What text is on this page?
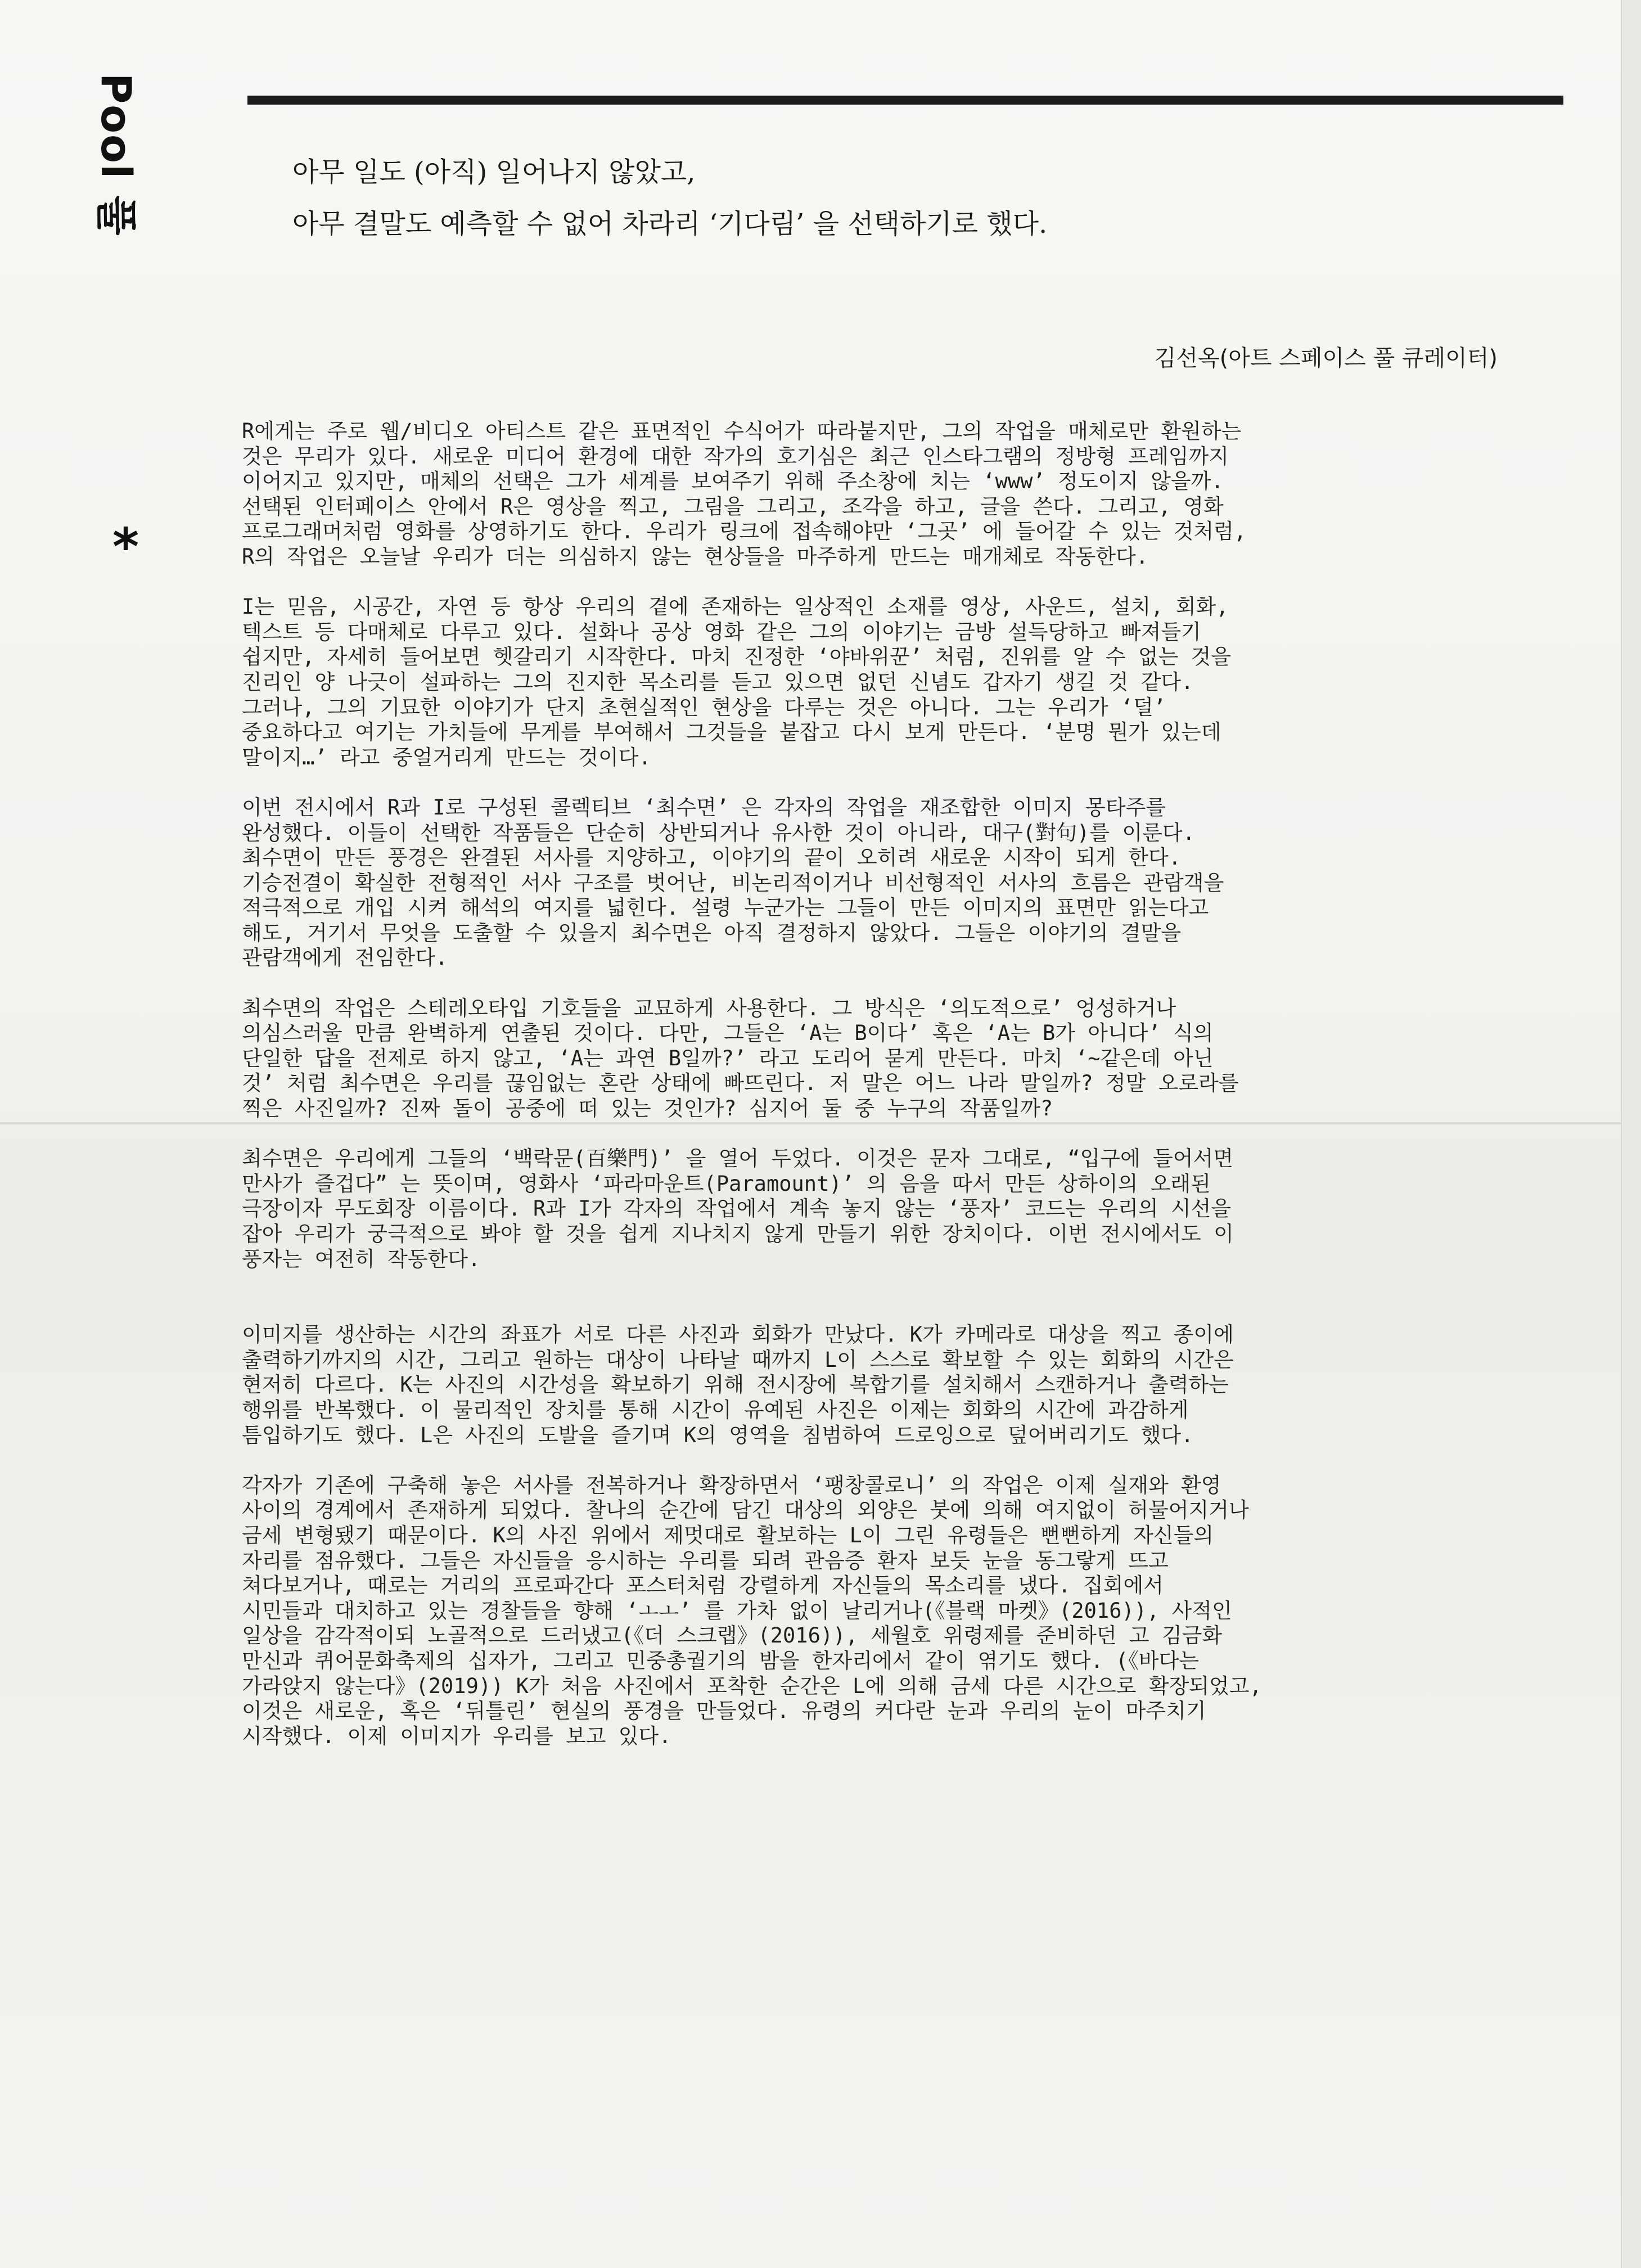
Pool 풀	아무 일도 (아직) 일어나지 않았고,
아무 결말도 예측할 수 없어 차라리 ‘기다림’ 을 선택하기로 했다.
김선옥(아트 스페이스 풀 큐레이터)
*
R에게는 주로 웹/비디오 아티스트 같은 표면적인 수식어가 따라붙지만, 그의 작업을 매체로만 환원하는
것은 무리가 있다. 새로운 미디어 환경에 대한 작가의 호기심은 최근 인스타그램의 정방형 프레임까지
이어지고 있지만, 매체의 선택은 그가 세계를 보여주기 위해 주소창에 치는 ‘www’ 정도이지 않을까.
선택된 인터페이스 안에서 R은 영상을 찍고, 그림을 그리고, 조각을 하고, 글을 쓴다. 그리고, 영화
프로그래머처럼 영화를 상영하기도 한다. 우리가 링크에 접속해야만 ‘그곳’ 에 들어갈 수 있는 것처럼,
R의 작업은 오늘날 우리가 더는 의심하지 않는 현상들을 마주하게 만드는 매개체로 작동한다.
I는 믿음, 시공간, 자연 등 항상 우리의 곁에 존재하는 일상적인 소재를 영상, 사운드, 설치, 회화,
텍스트 등 다매체로 다루고 있다. 설화나 공상 영화 같은 그의 이야기는 금방 설득당하고 빠져들기
쉽지만, 자세히 들어보면 헷갈리기 시작한다. 마치 진정한 ‘야바위꾼’ 처럼, 진위를 알 수 없는 것을
진리인 양 나긋이 설파하는 그의 진지한 목소리를 듣고 있으면 없던 신념도 갑자기 생길 것 같다.
그러나, 그의 기묘한 이야기가 단지 초현실적인 현상을 다루는 것은 아니다. 그는 우리가 ‘덜’
중요하다고 여기는 가치들에 무게를 부여해서 그것들을 붙잡고 다시 보게 만든다. ‘분명 뭔가 있는데
말이지…’ 라고 중얼거리게 만드는 것이다.
이번 전시에서 R과 I로 구성된 콜렉티브 ‘최수면’ 은 각자의 작업을 재조합한 이미지 몽타주를
완성했다. 이들이 선택한 작품들은 단순히 상반되거나 유사한 것이 아니라, 대구(對句)를 이룬다.
최수면이 만든 풍경은 완결된 서사를 지양하고, 이야기의 끝이 오히려 새로운 시작이 되게 한다.
기승전결이 확실한 전형적인 서사 구조를 벗어난, 비논리적이거나 비선형적인 서사의 흐름은 관람객을
적극적으로 개입 시켜 해석의 여지를 넓힌다. 설령 누군가는 그들이 만든 이미지의 표면만 읽는다고
해도, 거기서 무엇을 도출할 수 있을지 최수면은 아직 결정하지 않았다. 그들은 이야기의 결말을
관람객에게 전임한다.
최수면의 작업은 스테레오타입 기호들을 교묘하게 사용한다. 그 방식은 ‘의도적으로’ 엉성하거나
의심스러울 만큼 완벽하게 연출된 것이다. 다만, 그들은 ‘A는 B이다’ 혹은 ‘A는 B가 아니다’ 식의
단일한 답을 전제로 하지 않고, ‘A는 과연 B일까?’ 라고 도리어 묻게 만든다. 마치 ‘~같은데 아닌
것’ 처럼 최수면은 우리를 끊임없는 혼란 상태에 빠뜨린다. 저 말은 어느 나라 말일까? 정말 오로라를
찍은 사진일까? 진짜 돌이 공중에 떠 있는 것인가? 심지어 둘 중 누구의 작품일까?
최수면은 우리에게 그들의 ‘백락문(百樂門)’ 을 열어 두었다. 이것은 문자 그대로, “입구에 들어서면
만사가 즐겁다” 는 뜻이며, 영화사 ‘파라마운트(Paramount)’ 의 음을 따서 만든 상하이의 오래된
극장이자 무도회장 이름이다. R과 I가 각자의 작업에서 계속 놓지 않는 ‘풍자’ 코드는 우리의 시선을
잡아 우리가 궁극적으로 봐야 할 것을 쉽게 지나치지 않게 만들기 위한 장치이다. 이번 전시에서도 이
풍자는 여전히 작동한다.
이미지를 생산하는 시간의 좌표가 서로 다른 사진과 회화가 만났다. K가 카메라로 대상을 찍고 종이에
출력하기까지의 시간, 그리고 원하는 대상이 나타날 때까지 L이 스스로 확보할 수 있는 회화의 시간은
현저히 다르다. K는 사진의 시간성을 확보하기 위해 전시장에 복합기를 설치해서 스캔하거나 출력하는
행위를 반복했다. 이 물리적인 장치를 통해 시간이 유예된 사진은 이제는 회화의 시간에 과감하게
틈입하기도 했다. L은 사진의 도발을 즐기며 K의 영역을 침범하여 드로잉으로 덮어버리기도 했다.
각자가 기존에 구축해 놓은 서사를 전복하거나 확장하면서 ‘팽창콜로니’ 의 작업은 이제 실재와 환영
사이의 경계에서 존재하게 되었다. 찰나의 순간에 담긴 대상의 외양은 붓에 의해 여지없이 허물어지거나
금세 변형됐기 때문이다. K의 사진 위에서 제멋대로 활보하는 L이 그린 유령들은 뻔뻔하게 자신들의
자리를 점유했다. 그들은 자신들을 응시하는 우리를 되려 관음증 환자 보듯 눈을 동그랗게 뜨고
쳐다보거나, 때로는 거리의 프로파간다 포스터처럼 강렬하게 자신들의 목소리를 냈다. 집회에서
시민들과 대치하고 있는 경찰들을 향해 ‘ㅗㅗ’ 를 가차 없이 날리거나(《블랙 마켓》(2016)), 사적인
일상을 감각적이되 노골적으로 드러냈고(《더 스크랩》(2016)), 세월호 위령제를 준비하던 고 김금화
만신과 퀴어문화축제의 십자가, 그리고 민중총궐기의 밤을 한자리에서 같이 엮기도 했다. (《바다는
가라앉지 않는다》(2019)) K가 처음 사진에서 포착한 순간은 L에 의해 금세 다른 시간으로 확장되었고,
이것은 새로운, 혹은 ‘뒤틀린’ 현실의 풍경을 만들었다. 유령의 커다란 눈과 우리의 눈이 마주치기
시작했다. 이제 이미지가 우리를 보고 있다.
